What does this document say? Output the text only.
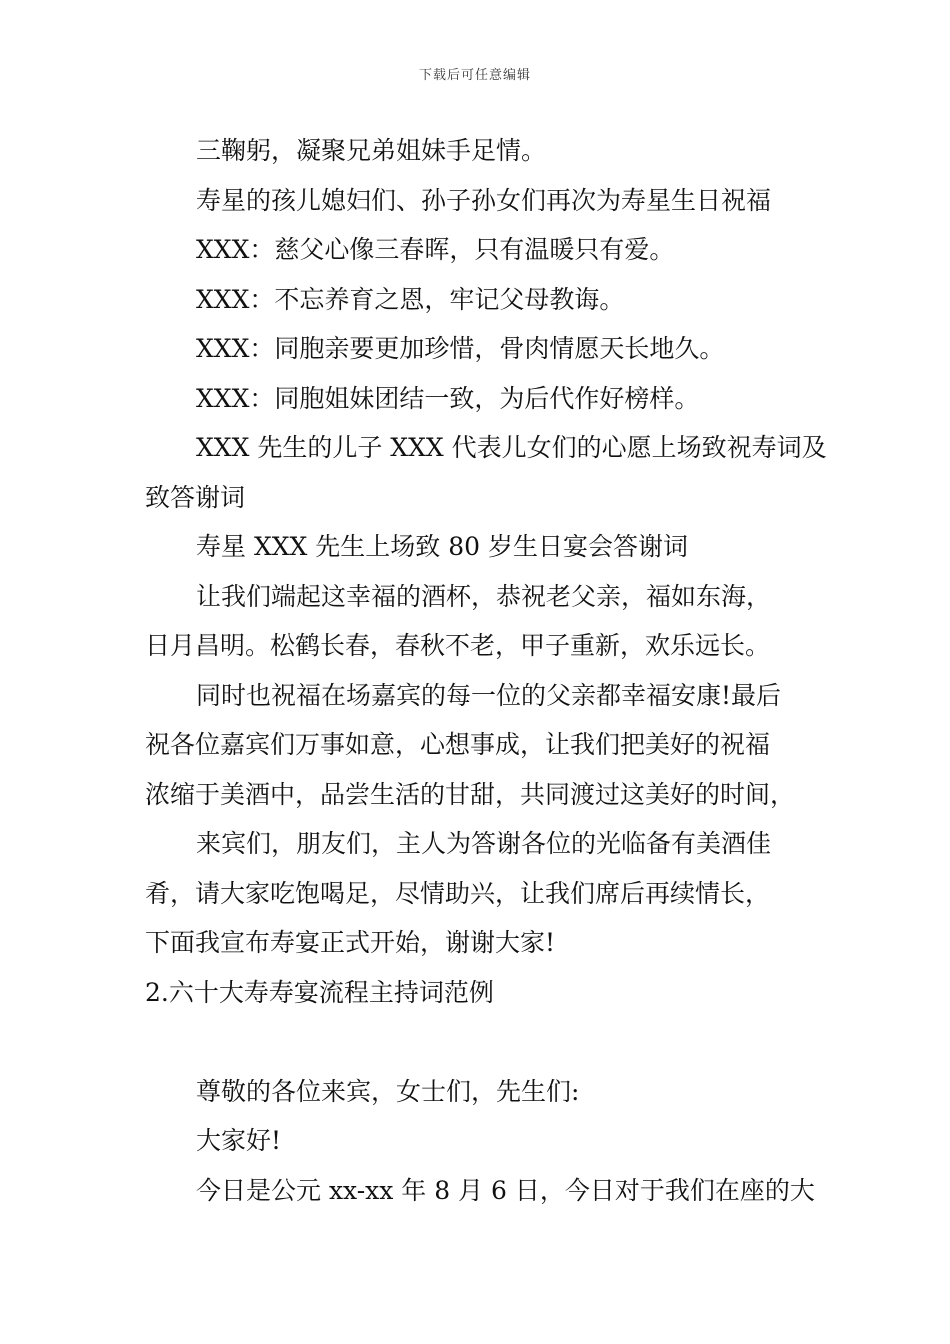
下载后可任意编辑

三鞠躬，凝聚兄弟姐妹手足情。

寿星的孩儿媳妇们、孙子孙女们再次为寿星生日祝福

XXX：慈父心像三春晖，只有温暖只有爱。

XXX：不忘养育之恩，牢记父母教诲。

XXX：同胞亲要更加珍惜，骨肉情愿天长地久。

XXX：同胞姐妹团结一致，为后代作好榜样。

XXX 先生的儿子 XXX 代表儿女们的心愿上场致祝寿词及

致答谢词

寿星 XXX 先生上场致 80 岁生日宴会答谢词

让我们端起这幸福的酒杯，恭祝老父亲，福如东海，

日月昌明。松鹤长春，春秋不老，甲子重新，欢乐远长。

同时也祝福在场嘉宾的每一位的父亲都幸福安康!最后

祝各位嘉宾们万事如意，心想事成，让我们把美好的祝福

浓缩于美酒中，品尝生活的甘甜，共同渡过这美好的时间，

来宾们，朋友们，主人为答谢各位的光临备有美酒佳

肴，请大家吃饱喝足，尽情助兴，让我们席后再续情长，

下面我宣布寿宴正式开始，谢谢大家!

2.六十大寿寿宴流程主持词范例

尊敬的各位来宾，女士们，先生们:

大家好!

今日是公元 xx-xx 年 8 月 6 日，今日对于我们在座的大
